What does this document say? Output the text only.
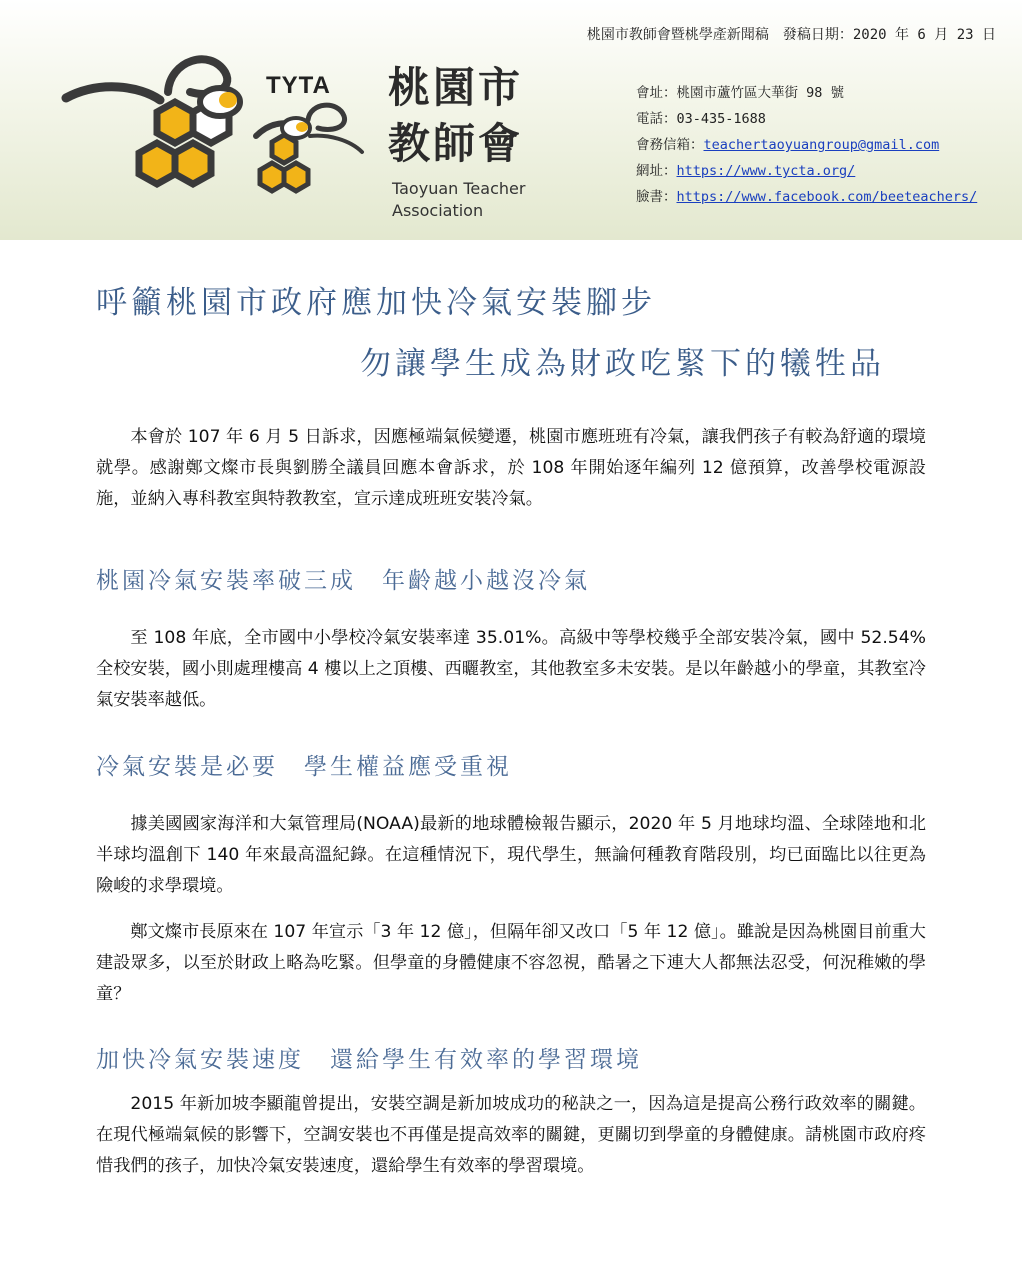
桃園市教師會暨桃學產新聞稿　發稿日期：2020 年 6 月 23 日
TYTA 桃園市教師會
Taoyuan Teacher
Association
會址：桃園市蘆竹區大華街 98 號
電話：03-435-1688
會務信箱：teachertaoyuangroup@gmail.com
網址：https://www.tycta.org/
臉書：https://www.facebook.com/beeteachers/
呼籲桃園市政府應加快冷氣安裝腳步
勿讓學生成為財政吃緊下的犧牲品

本會於 107 年 6 月 5 日訴求，因應極端氣候變遷，桃園市應班班有冷氣，讓我們孩子有較為舒適的環境就學。感謝鄭文燦市長與劉勝全議員回應本會訴求，於 108 年開始逐年編列 12 億預算，改善學校電源設施，並納入專科教室與特教教室，宣示達成班班安裝冷氣。

桃園冷氣安裝率破三成　年齡越小越沒冷氣

至 108 年底，全市國中小學校冷氣安裝率達 35.01%。高級中等學校幾乎全部安裝冷氣，國中 52.54%全校安裝，國小則處理樓高 4 樓以上之頂樓、西曬教室，其他教室多未安裝。是以年齡越小的學童，其教室冷氣安裝率越低。

冷氣安裝是必要　學生權益應受重視

據美國國家海洋和大氣管理局(NOAA)最新的地球體檢報告顯示，2020 年 5 月地球均溫、全球陸地和北半球均溫創下 140 年來最高溫紀錄。在這種情況下，現代學生，無論何種教育階段別，均已面臨比以往更為險峻的求學環境。

鄭文燦市長原來在 107 年宣示「3 年 12 億」，但隔年卻又改口「5 年 12 億」。雖說是因為桃園目前重大建設眾多，以至於財政上略為吃緊。但學童的身體健康不容忽視，酷暑之下連大人都無法忍受，何況稚嫩的學童？

加快冷氣安裝速度　還給學生有效率的學習環境

2015 年新加坡李顯龍曾提出，安裝空調是新加坡成功的秘訣之一，因為這是提高公務行政效率的關鍵。在現代極端氣候的影響下，空調安裝也不再僅是提高效率的關鍵，更關切到學童的身體健康。請桃園市政府疼惜我們的孩子，加快冷氣安裝速度，還給學生有效率的學習環境。
